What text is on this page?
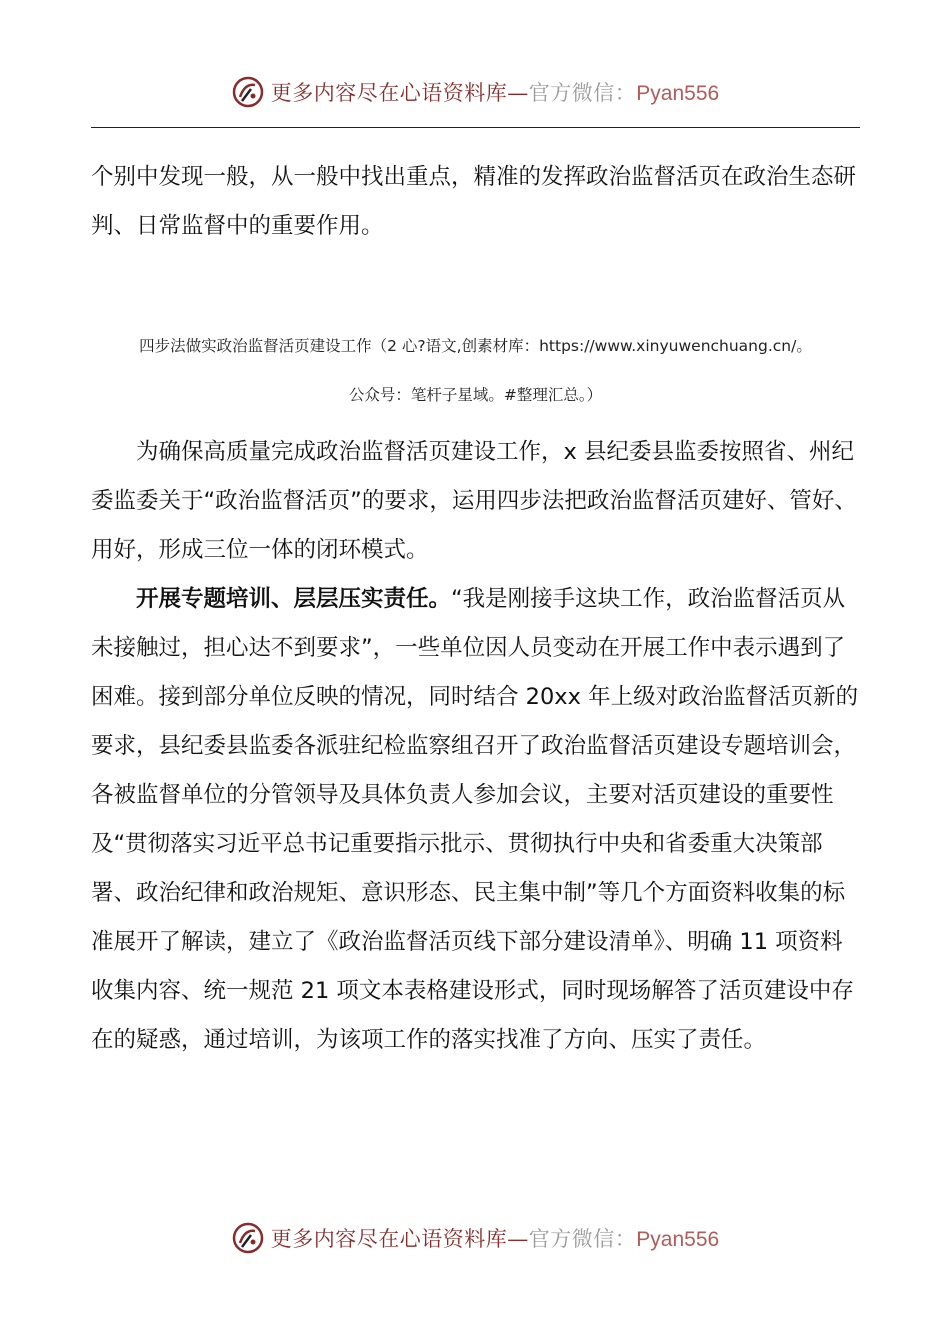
更多内容尽在心语资料库—官方微信：Pyan556

个别中发现一般，从一般中找出重点，精准的发挥政治监督活页在政治生态研判、日常监督中的重要作用。

四步法做实政治监督活页建设工作（2 心?语文,创素材库：https://www.xinyuwenchuang.cn/。
公众号：笔杆子星域。#整理汇总。）

为确保高质量完成政治监督活页建设工作，x 县纪委县监委按照省、州纪委监委关于“政治监督活页”的要求，运用四步法把政治监督活页建好、管好、用好，形成三位一体的闭环模式。

开展专题培训、层层压实责任。“我是刚接手这块工作，政治监督活页从未接触过，担心达不到要求”，一些单位因人员变动在开展工作中表示遇到了困难。接到部分单位反映的情况，同时结合 20xx 年上级对政治监督活页新的要求，县纪委县监委各派驻纪检监察组召开了政治监督活页建设专题培训会，各被监督单位的分管领导及具体负责人参加会议，主要对活页建设的重要性及“贯彻落实习近平总书记重要指示批示、贯彻执行中央和省委重大决策部署、政治纪律和政治规矩、意识形态、民主集中制”等几个方面资料收集的标准展开了解读，建立了《政治监督活页线下部分建设清单》、明确 11 项资料收集内容、统一规范 21 项文本表格建设形式，同时现场解答了活页建设中存在的疑惑，通过培训，为该项工作的落实找准了方向、压实了责任。

更多内容尽在心语资料库—官方微信：Pyan556
